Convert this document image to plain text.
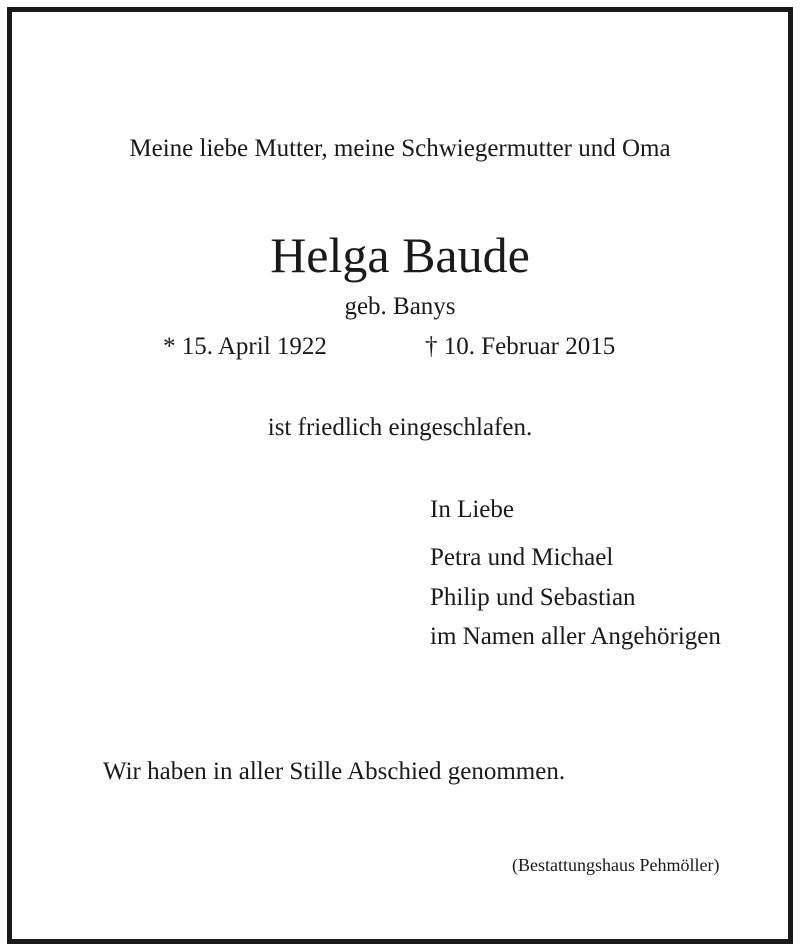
Meine liebe Mutter, meine Schwiegermutter und Oma
Helga Baude
geb. Banys
* 15. April 1922	† 10. Februar 2015
ist friedlich eingeschlafen.
In Liebe
Petra und Michael
Philip und Sebastian
im Namen aller Angehörigen
Wir haben in aller Stille Abschied genommen.
(Bestattungshaus Pehmöller)
